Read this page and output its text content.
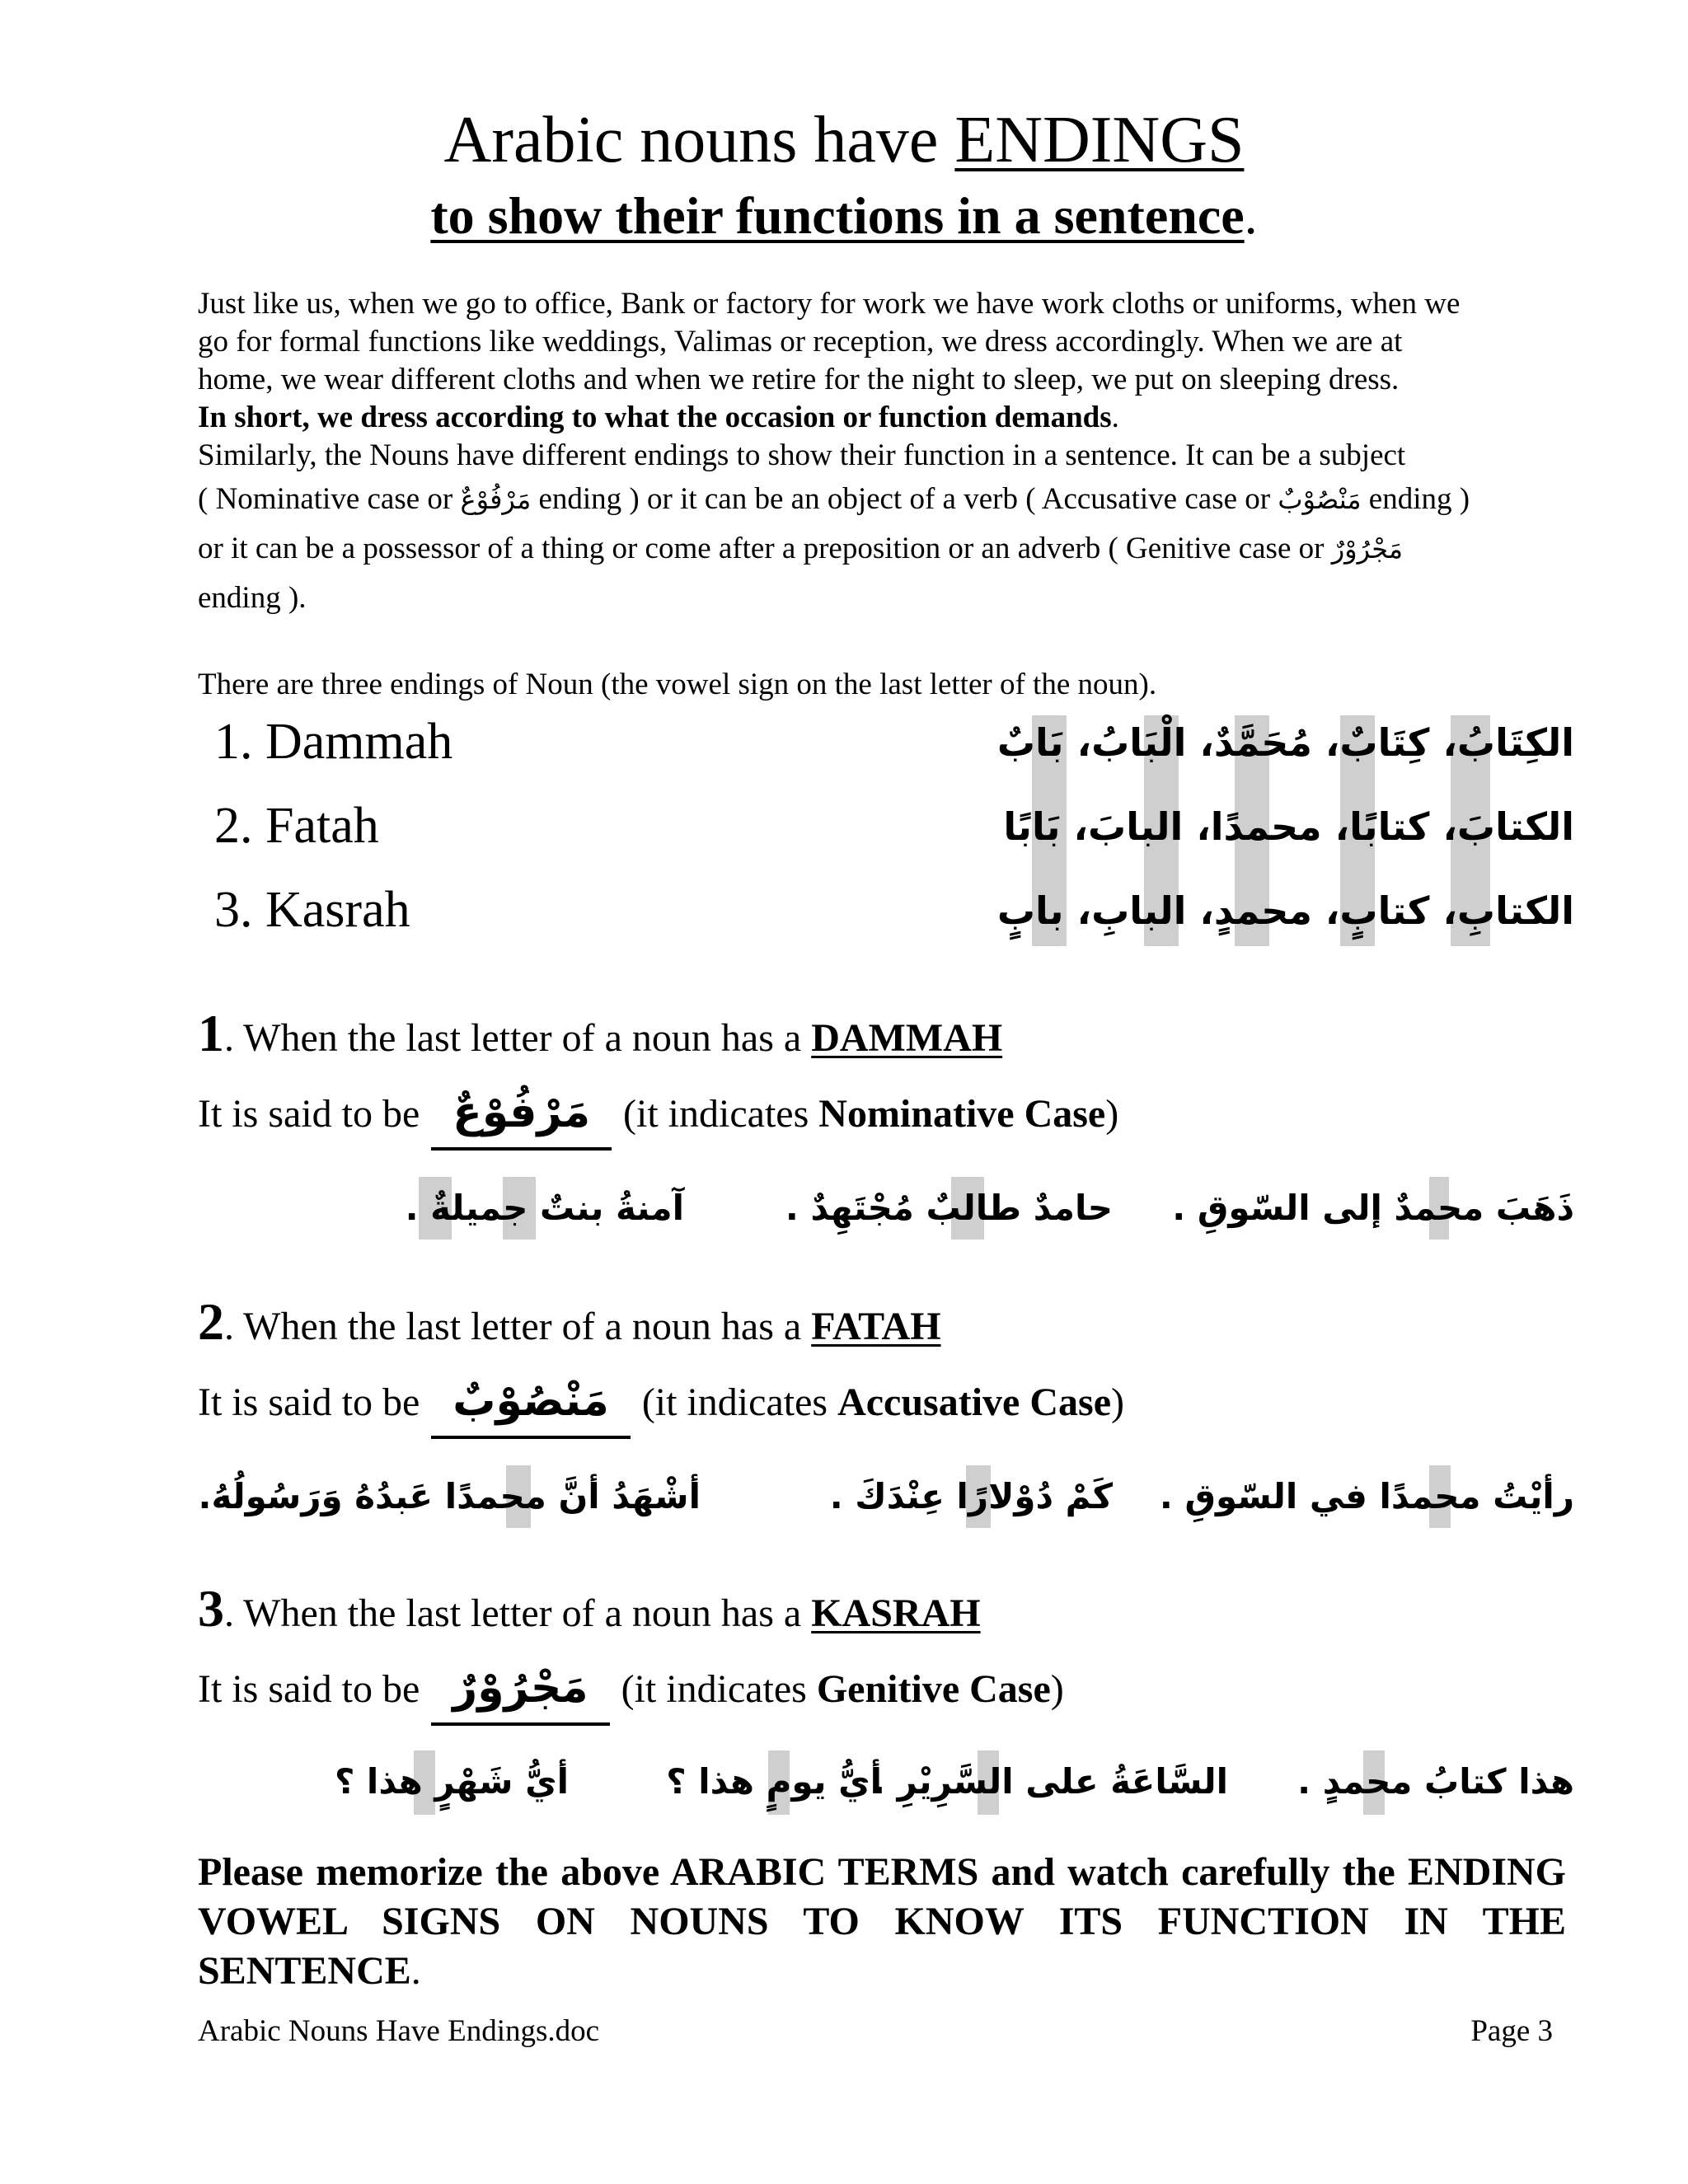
Arabic nouns have ENDINGS
to show their functions in a sentence.
Just like us, when we go to office, Bank or factory for work we have work cloths or uniforms, when we
go for formal functions like weddings, Valimas or reception, we dress accordingly. When we are at
home, we wear different cloths and when we retire for the night to sleep, we put on sleeping dress.
In short, we dress according to what the occasion or function demands.
Similarly, the Nouns have different endings to show their function in a sentence. It can be a subject
( Nominative case or مَرْفُوْعٌ ending ) or it can be an object of a verb ( Accusative case or مَنْصُوْبٌ ending )
or it can be a possessor of a thing or come after a preposition or an adverb ( Genitive case or مَجْرُوْرٌ
ending ).
There are three endings of Noun (the vowel sign on the last letter of the noun).
1. Dammah	الكِتَابُ، كِتَابٌ، مُحَمَّدٌ، الْبَابُ، بَابٌ
2. Fatah	الكتابَ، كتابًا، محمدًا، البابَ، بَابًا
3. Kasrah	الكتابِ، كتابٍ، محمدٍ، البابِ، بابٍ
1. When the last letter of a noun has a DAMMAH
It is said to be مَرْفُوْعٌ (it indicates Nominative Case)
ذَهَبَ محمدٌ إلى السّوقِ .
حامدٌ طالبٌ مُجْتَهِدٌ .
آمنةُ بنتٌ جميلةٌ .
2. When the last letter of a noun has a FATAH
It is said to be مَنْصُوْبٌ (it indicates Accusative Case)
رأيْتُ محمدًا في السّوقِ .
كَمْ دُوْلارًا عِنْدَكَ .
أشْهَدُ أنَّ محمدًا عَبدُهُ وَرَسُولُهُ.
3. When the last letter of a noun has a KASRAH
It is said to be مَجْرُوْرٌ (it indicates Genitive Case)
هذا كتابُ محمدٍ .
السَّاعَةُ على السَّرِيْرِ .
أيُّ يومٍ هذا ؟
أيُّ شَهْرٍ هذا ؟
Please memorize the above ARABIC TERMS and watch carefully the ENDING VOWEL SIGNS ON NOUNS TO KNOW ITS FUNCTION IN THE SENTENCE.
Arabic Nouns Have Endings.doc	Page 3
